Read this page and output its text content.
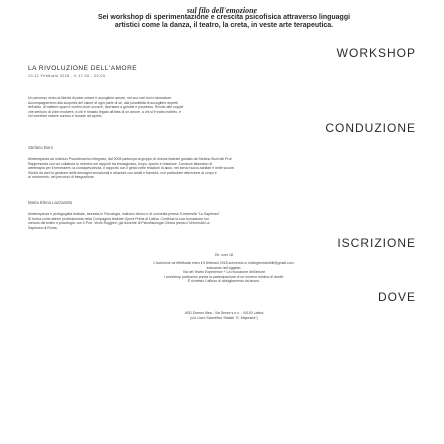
sul filo dell'emozione
Sei workshop di sperimentazione e crescita psicofisica attraverso linguaggi
artistici come la danza, il teatro, la creta, in veste arte terapeutica.
WORKSHOP
LA RIVOLUZIONE DELL'AMORE
10-11 Febbraio 2018 - h 17.00 - 20.00
Un percorso verso la libertà di poter creare e accogliere amore, nel suo vari toni e sfumature.
Accompagneremo alla scoperta del valore di ogni parte di sé, alla possibilità di accogliere aspetti
dell'altro, di mettere spazi e confini dove occorre, ripensare a gelosie e possesso. Rivolto alle coppie
che sentono di voler evolvere, a chi è rimasto legato all'idea di un amore, a chi si è tratto indietro, e
chi vorrebbe essere curioso e tornare ad aprirsi.
CONDUZIONE
Stefano Boni
Arteterapeuta ad indirizzo Psicodinamico integrato, dal 2005 partecipa al gruppo di ricerca teatrale guidato da Stefano Boni del Prof.
Rappresenta con cui collabora in ricerche nei rapporti tra immaginario, corpo, spazio e relazione. Conduce laboratori di
arteterapia per il benessere, la consapevolezza, il rapporto con il gesto nelle relazioni di aiuto, nei servizi socio-sanitari e nelle scuole.
Studia da anni la gestione delle immagini emozionali e relazioni con adulti e bambini, con particolare attenzione al corpo e
al movimento, nel percorso di integrazione.
Maria Elena Lazzarotto
Arteterapeuta e pedagogista teatrale, laureata in Psicologia, indirizzo clinico e di comunità presso l'Università "La Sapienza".
Si forma come attrice professionista nella Compagnia teatrale Opera Prima di Latina. Continua la sua formazione sul
metodo del teatro e psicologia, con il Prof. Vezio Ruggieri, già docente di Psicofisiologia Clinica presso l'Università La
Sapienza di Roma.
ISCRIZIONE
Eb. over 18
L'iscrizione va effettuata entro il 5 febbraio 2018 scrivendo a: bottegheinvisibili@gmail.com,
indicando nell'oggetto:
Via del Teatro Experience + La rivoluzione dell'amore
I workshop partiranno previa la partecipazione di un numero minimo di iscritti.
È richiesto l'utilizzo di abbigliamento da lavoro.
DOVE
ASD Domus Mea - Via Sezze s.n.c. - 04100 Latina
(c/o Liceo Scientifico Statale "E. Majorana")
